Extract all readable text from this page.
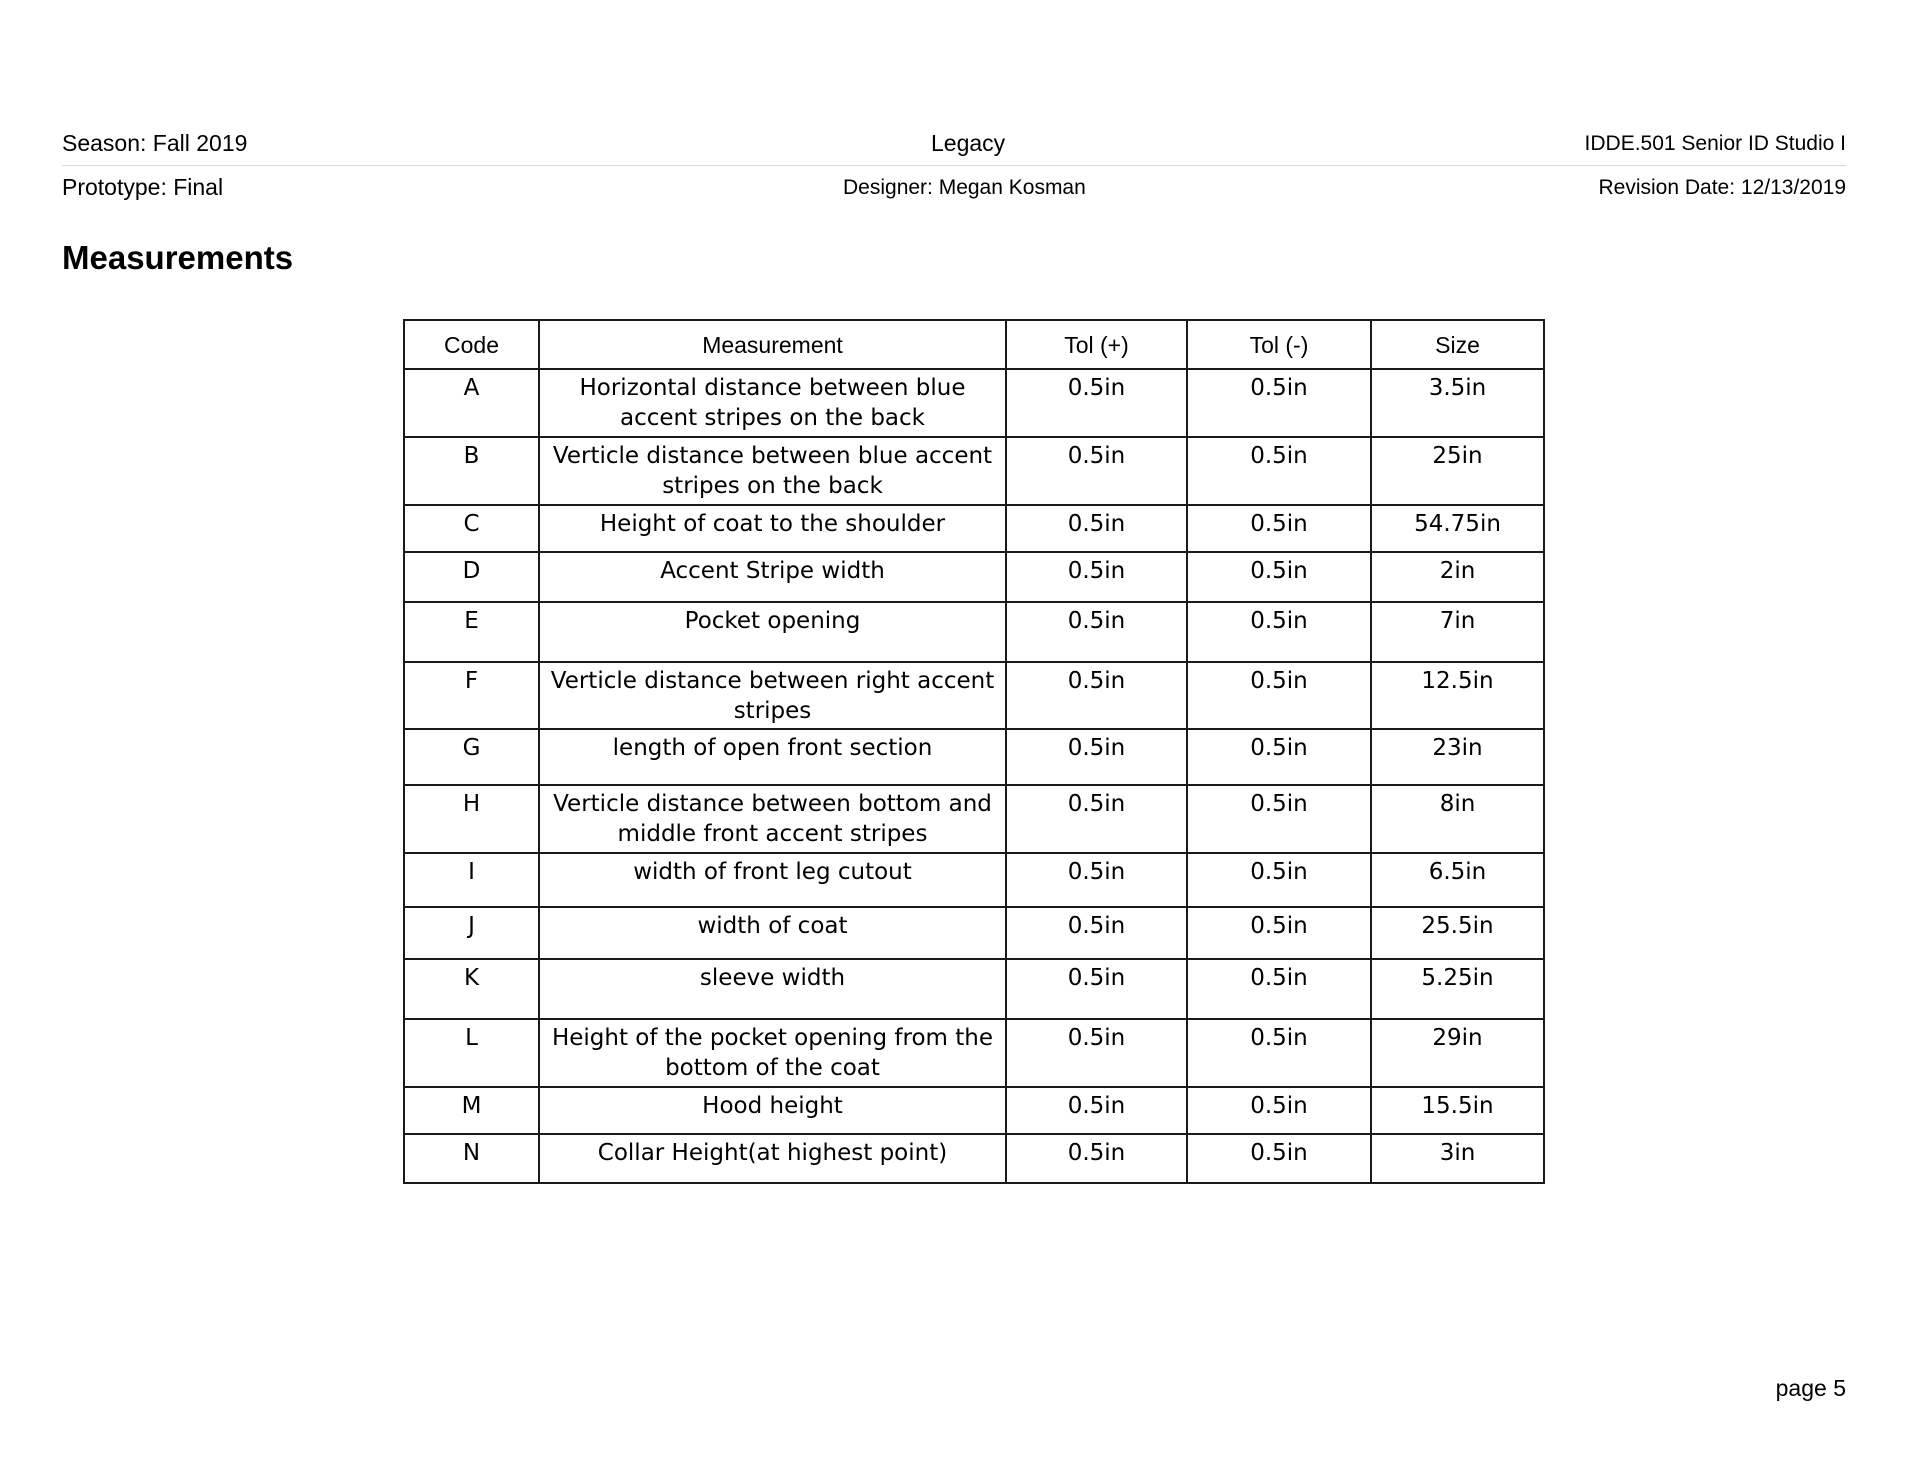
Season: Fall 2019	Legacy	IDDE.501 Senior ID Studio I
Prototype: Final	Designer: Megan Kosman	Revision Date: 12/13/2019
Measurements
Code	Measurement	Tol (+)	Tol (-)	Size
A	Horizontal distance between blue accent stripes on the back	0.5in	0.5in	3.5in
B	Verticle distance between blue accent stripes on the back	0.5in	0.5in	25in
C	Height of coat to the shoulder	0.5in	0.5in	54.75in
D	Accent Stripe width	0.5in	0.5in	2in
E	Pocket opening	0.5in	0.5in	7in
F	Verticle distance between right accent stripes	0.5in	0.5in	12.5in
G	length of open front section	0.5in	0.5in	23in
H	Verticle distance between bottom and middle front accent stripes	0.5in	0.5in	8in
I	width of front leg cutout	0.5in	0.5in	6.5in
J	width of coat	0.5in	0.5in	25.5in
K	sleeve width	0.5in	0.5in	5.25in
L	Height of the pocket opening from the bottom of the coat	0.5in	0.5in	29in
M	Hood height	0.5in	0.5in	15.5in
N	Collar Height(at highest point)	0.5in	0.5in	3in
page 5
